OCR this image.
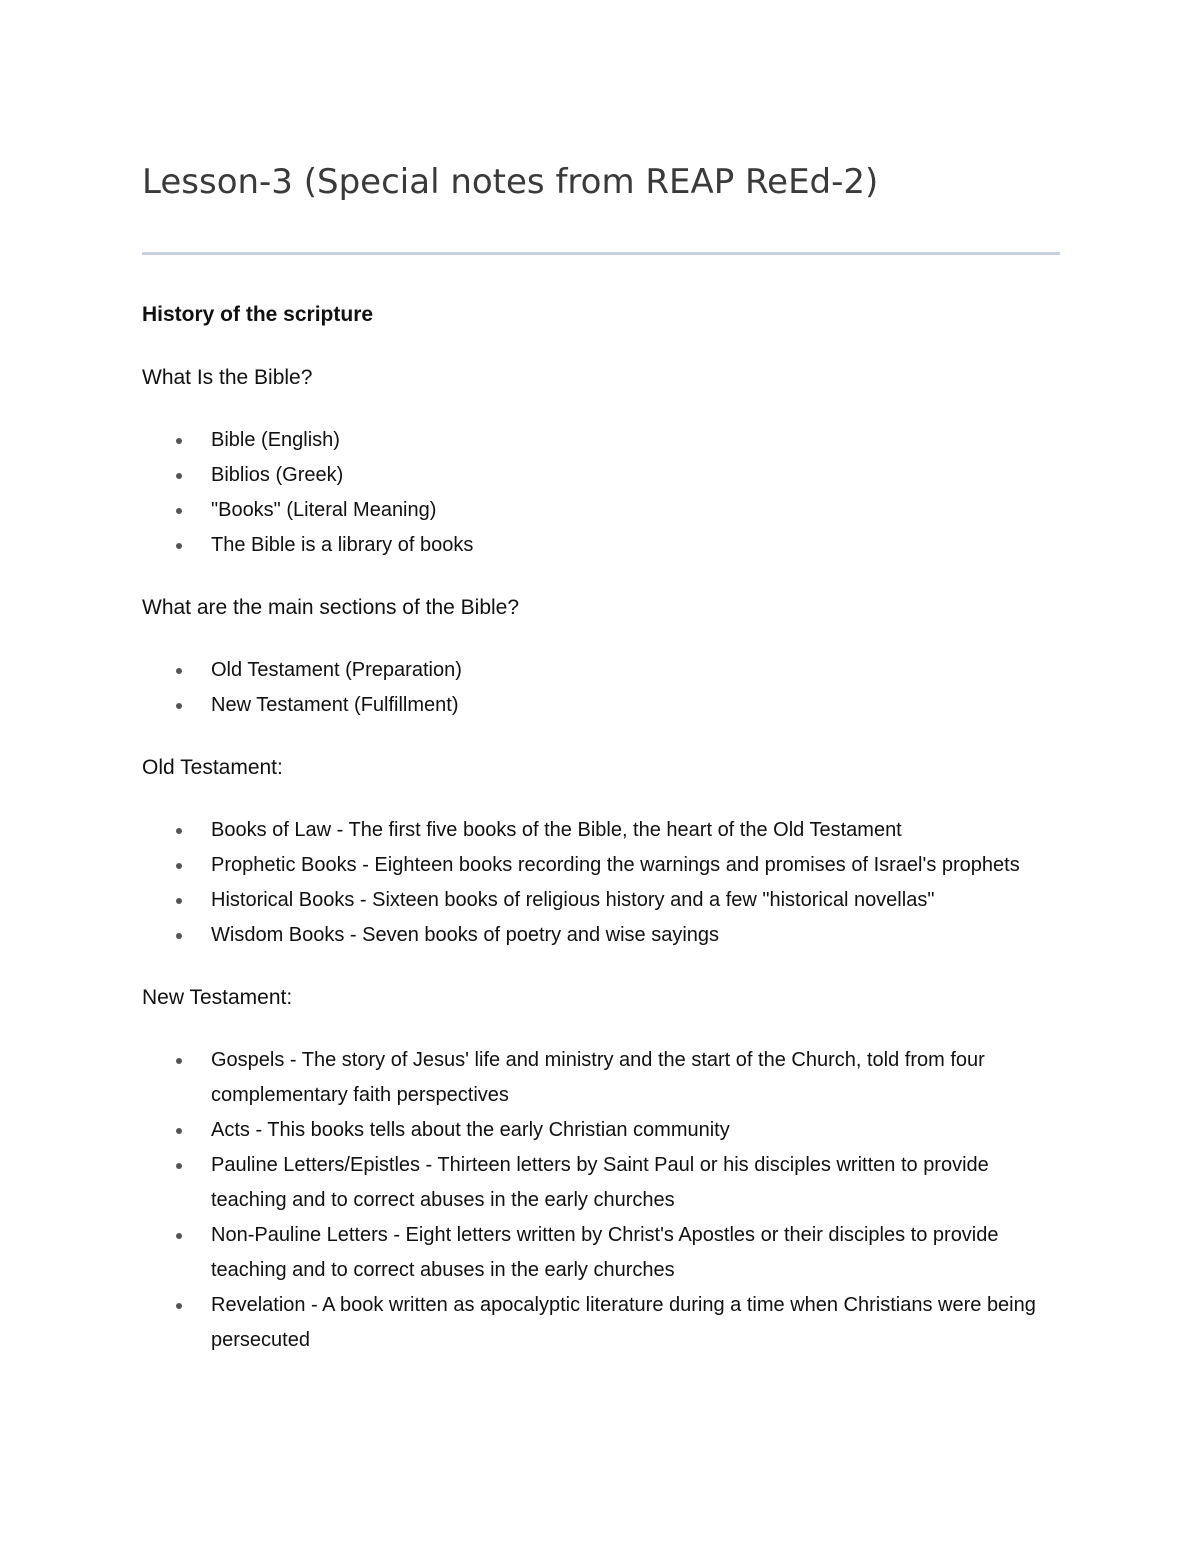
Lesson-3 (Special notes from REAP ReEd-2)
History of the scripture

What Is the Bible?

Bible (English)
Biblios (Greek)
"Books" (Literal Meaning)
The Bible is a library of books

What are the main sections of the Bible?

Old Testament (Preparation)
New Testament (Fulfillment)

Old Testament:

Books of Law - The first five books of the Bible, the heart of the Old Testament
Prophetic Books - Eighteen books recording the warnings and promises of Israel's prophets
Historical Books - Sixteen books of religious history and a few "historical novellas"
Wisdom Books - Seven books of poetry and wise sayings

New Testament:

Gospels - The story of Jesus' life and ministry and the start of the Church, told from four complementary faith perspectives
Acts - This books tells about the early Christian community
Pauline Letters/Epistles - Thirteen letters by Saint Paul or his disciples written to provide teaching and to correct abuses in the early churches
Non-Pauline Letters - Eight letters written by Christ's Apostles or their disciples to provide teaching and to correct abuses in the early churches
Revelation - A book written as apocalyptic literature during a time when Christians were being persecuted
